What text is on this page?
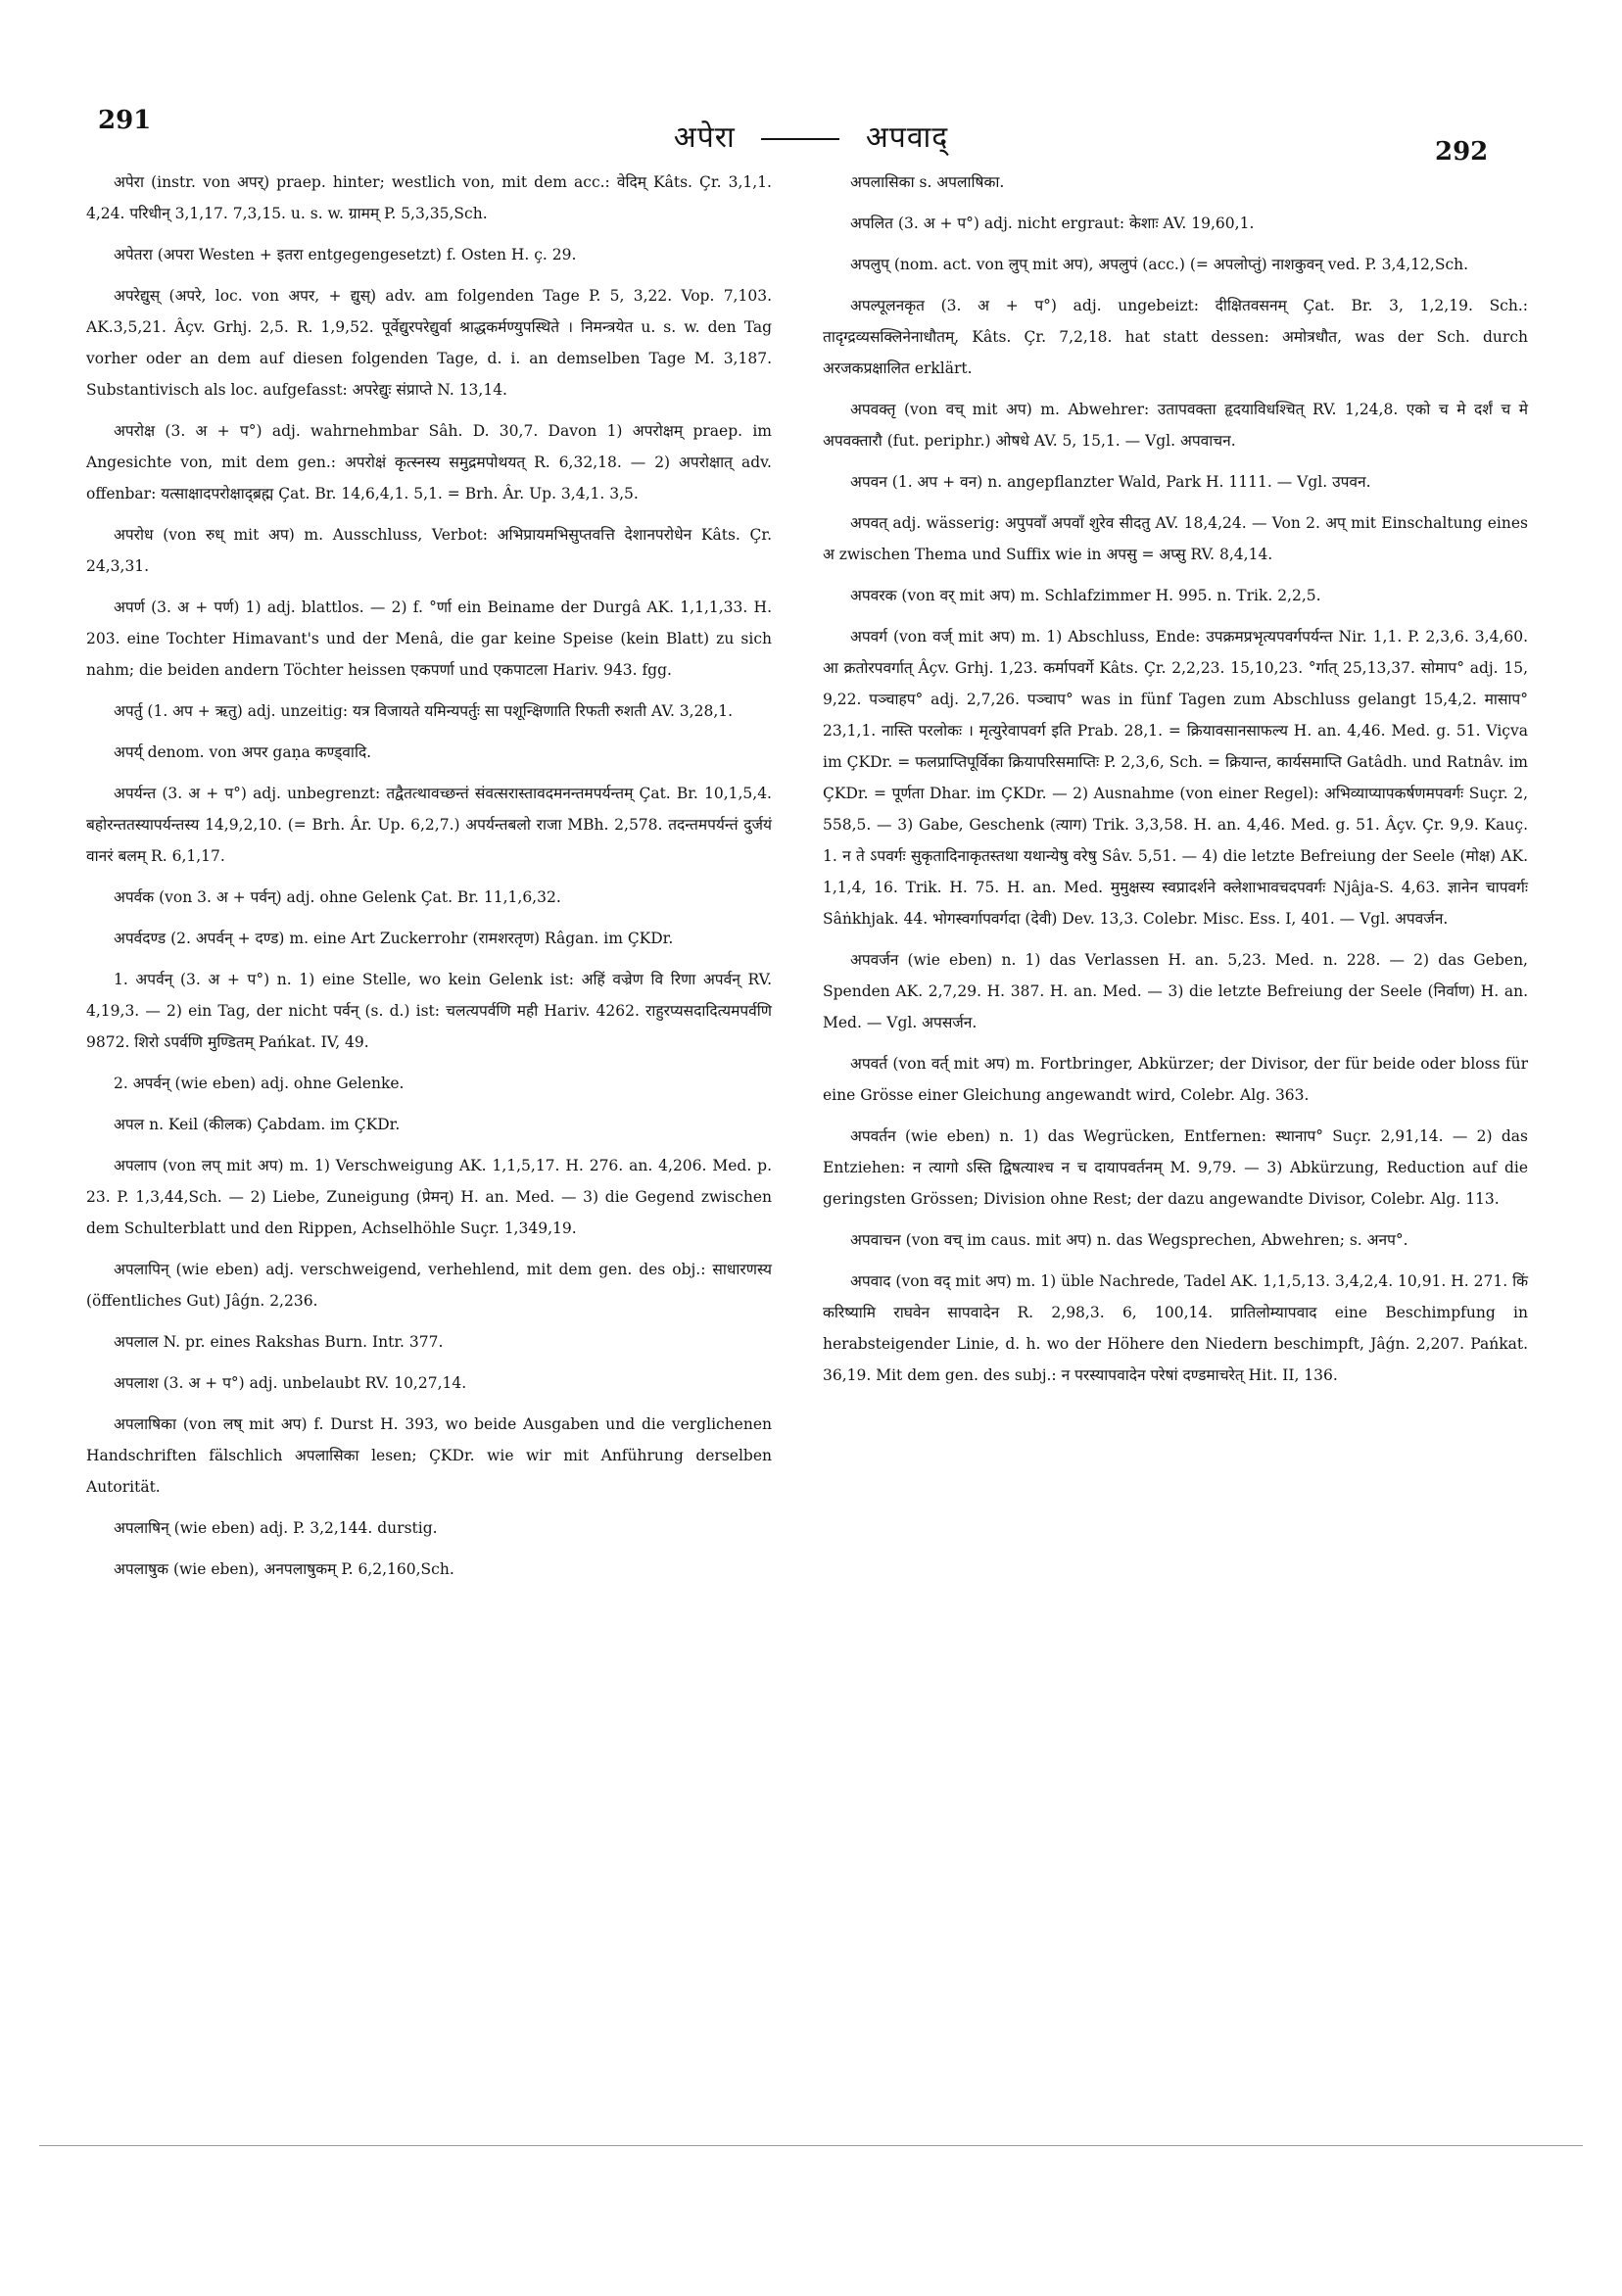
291	अपेरा	अपवाद्	292

अपेरा (instr. von अपर्) praep. hinter; westlich von, mit dem acc.: वेदिम् Kâts. Çr. 3,1,1. 4,24. परिधीन् 3,1,17. 7,3,15. u. s. w. ग्रामम् P. 5,3,35,Sch.

अपेतरा (अपरा Westen + इतरा entgegengesetzt) f. Osten H. ç. 29.

अपरेद्युस् (अपरे, loc. von अपर, + द्युस्) adv. am folgenden Tage P. 5, 3,22. Vop. 7,103. AK.3,5,21. Âçv. Grhj. 2,5. R. 1,9,52. पूर्वेद्युरपरेद्युर्वा श्राद्धकर्मण्युपस्थिते । निमन्त्रयेत u. s. w. den Tag vorher oder an dem auf diesen folgenden Tage, d. i. an demselben Tage M. 3,187. Substantivisch als loc. aufgefasst: अपरेद्युः संप्राप्ते N. 13,14.

अपरोक्ष (3. अ + प°) adj. wahrnehmbar Sâh. D. 30,7. Davon 1) अपरोक्षम् praep. im Angesichte von, mit dem gen.: अपरोक्षं कृत्स्नस्य समुद्रमपोथयत् R. 6,32,18. — 2) अपरोक्षात् adv. offenbar: यत्साक्षादपरोक्षाद्ब्रह्म Çat. Br. 14,6,4,1. 5,1. = Brh. Âr. Up. 3,4,1. 3,5.

अपरोध (von रुध् mit अप) m. Ausschluss, Verbot: अभिप्रायमभिसुप्तवत्ति देशानपरोधेन Kâts. Çr. 24,3,31.

अपर्ण (3. अ + पर्ण) 1) adj. blattlos. — 2) f. °र्णा ein Beiname der Durgâ AK. 1,1,1,33. H. 203. eine Tochter Himavant's und der Menâ, die gar keine Speise (kein Blatt) zu sich nahm; die beiden andern Töchter heissen एकपर्णा und एकपाटला Hariv. 943. fgg.

अपर्तु (1. अप + ऋतु) adj. unzeitig: यत्र विजायते यमिन्यपर्तुः सा पशून्क्षिणाति रिफती रुशती AV. 3,28,1.

अपर्य् denom. von अपर gaṇa कण्ड्वादि.

अपर्यन्त (3. अ + प°) adj. unbegrenzt: तद्वैतत्थावच्छन्तं संवत्सरास्तावदमनन्तमपर्यन्तम् Çat. Br. 10,1,5,4. बहोरन्ततस्यापर्यन्तस्य 14,9,2,10. (= Brh. Âr. Up. 6,2,7.) अपर्यन्तबलो राजा MBh. 2,578. तदन्तमपर्यन्तं दुर्जयं वानरं बलम् R. 6,1,17.

अपर्वक (von 3. अ + पर्वन्) adj. ohne Gelenk Çat. Br. 11,1,6,32.

अपर्वदण्ड (2. अपर्वन् + दण्ड) m. eine Art Zuckerrohr (रामशरतृण) Râgan. im ÇKDr.

1. अपर्वन् (3. अ + प°) n. 1) eine Stelle, wo kein Gelenk ist: अहिं वज्रेण वि रिणा अपर्वन् RV. 4,19,3. — 2) ein Tag, der nicht पर्वन् (s. d.) ist: चलत्यपर्वणि मही Hariv. 4262. राहुरप्यसदादित्यमपर्वणि 9872. शिरो ऽपर्वणि मुण्डितम् Pańkat. IV, 49.

2. अपर्वन् (wie eben) adj. ohne Gelenke.

अपल n. Keil (कीलक) Çabdam. im ÇKDr.

अपलाप (von लप् mit अप) m. 1) Verschweigung AK. 1,1,5,17. H. 276. an. 4,206. Med. p. 23. P. 1,3,44,Sch. — 2) Liebe, Zuneigung (प्रेमन्) H. an. Med. — 3) die Gegend zwischen dem Schulterblatt und den Rippen, Achselhöhle Suçr. 1,349,19.

अपलापिन् (wie eben) adj. verschweigend, verhehlend, mit dem gen. des obj.: साधारणस्य (öffentliches Gut) Jâǵn. 2,236.

अपलाल N. pr. eines Rakshas Burn. Intr. 377.

अपलाश (3. अ + प°) adj. unbelaubt RV. 10,27,14.

अपलाषिका (von लष् mit अप) f. Durst H. 393, wo beide Ausgaben und die verglichenen Handschriften fälschlich अपलासिका lesen; ÇKDr. wie wir mit Anführung derselben Autorität.

अपलाषिन् (wie eben) adj. P. 3,2,144. durstig.

अपलाषुक (wie eben), अनपलाषुकम् P. 6,2,160,Sch.

अपलासिका s. अपलाषिका.

अपलित (3. अ + प°) adj. nicht ergraut: केशाः AV. 19,60,1.

अपलुप् (nom. act. von लुप् mit अप), अपलुपं (acc.) (= अपलोप्तुं) नाशकुवन् ved. P. 3,4,12,Sch.

अपल्पूलनकृत (3. अ + प°) adj. ungebeizt: दीक्षितवसनम् Çat. Br. 3, 1,2,19. Sch.: तादृग्द्रव्यसक्लिनेनाधौतम्, Kâts. Çr. 7,2,18. hat statt dessen: अमोत्रधौत, was der Sch. durch अरजकप्रक्षालित erklärt.

अपवक्तृ (von वच् mit अप) m. Abwehrer: उतापवक्ता हृदयाविधश्चित् RV. 1,24,8. एको च मे दर्शं च मे अपवक्तारौ (fut. periphr.) ओषधे AV. 5, 15,1. — Vgl. अपवाचन.

अपवन (1. अप + वन) n. angepflanzter Wald, Park H. 1111. — Vgl. उपवन.

अपवत् adj. wässerig: अपुपवाँ अपवाँ शुरेव सीदतु AV. 18,4,24. — Von 2. अप् mit Einschaltung eines अ zwischen Thema und Suffix wie in अपसु = अप्सु RV. 8,4,14.

अपवरक (von वर् mit अप) m. Schlafzimmer H. 995. n. Trik. 2,2,5.

अपवर्ग (von वर्ज् mit अप) m. 1) Abschluss, Ende: उपक्रमप्रभृत्यपवर्गपर्यन्त Nir. 1,1. P. 2,3,6. 3,4,60. आ क्रतोरपवर्गात् Âçv. Grhj. 1,23. कर्मापवर्गे Kâts. Çr. 2,2,23. 15,10,23. °र्गात् 25,13,37. सोमाप° adj. 15, 9,22. पञ्चाहप° adj. 2,7,26. पञ्चाप° was in fünf Tagen zum Abschluss gelangt 15,4,2. मासाप° 23,1,1. नास्ति परलोकः । मृत्युरेवापवर्ग इति Prab. 28,1. = क्रियावसानसाफल्य H. an. 4,46. Med. g. 51. Viçva im ÇKDr. = फलप्राप्तिपूर्विका क्रियापरिसमाप्तिः P. 2,3,6, Sch. = क्रियान्त, कार्यसमाप्ति Gatâdh. und Ratnâv. im ÇKDr. = पूर्णता Dhar. im ÇKDr. — 2) Ausnahme (von einer Regel): अभिव्याप्यापकर्षणमपवर्गः Suçr. 2, 558,5. — 3) Gabe, Geschenk (त्याग) Trik. 3,3,58. H. an. 4,46. Med. g. 51. Âçv. Çr. 9,9. Kauç. 1. न ते ऽपवर्गः सुकृतादिनाकृतस्तथा यथान्येषु वरेषु Sâv. 5,51. — 4) die letzte Befreiung der Seele (मोक्ष) AK. 1,1,4, 16. Trik. H. 75. H. an. Med. मुमुक्षस्य स्वप्रादर्शने क्लेशाभावचदपवर्गः Njâja-S. 4,63. ज्ञानेन चापवर्गः Sâṅkhjak. 44. भोगस्वर्गापवर्गदा (देवी) Dev. 13,3. Colebr. Misc. Ess. I, 401. — Vgl. अपवर्जन.

अपवर्जन (wie eben) n. 1) das Verlassen H. an. 5,23. Med. n. 228. — 2) das Geben, Spenden AK. 2,7,29. H. 387. H. an. Med. — 3) die letzte Befreiung der Seele (निर्वाण) H. an. Med. — Vgl. अपसर्जन.

अपवर्त (von वर्त् mit अप) m. Fortbringer, Abkürzer; der Divisor, der für beide oder bloss für eine Grösse einer Gleichung angewandt wird, Colebr. Alg. 363.

अपवर्तन (wie eben) n. 1) das Wegrücken, Entfernen: स्थानाप° Suçr. 2,91,14. — 2) das Entziehen: न त्यागो ऽस्ति द्विषत्याश्च न च दायापवर्तनम् M. 9,79. — 3) Abkürzung, Reduction auf die geringsten Grössen; Division ohne Rest; der dazu angewandte Divisor, Colebr. Alg. 113.

अपवाचन (von वच् im caus. mit अप) n. das Wegsprechen, Abwehren; s. अनप°.

अपवाद (von वद् mit अप) m. 1) üble Nachrede, Tadel AK. 1,1,5,13. 3,4,2,4. 10,91. H. 271. किं करिष्यामि राघवेन सापवादेन R. 2,98,3. 6, 100,14. प्रातिलोम्यापवाद eine Beschimpfung in herabsteigender Linie, d. h. wo der Höhere den Niedern beschimpft, Jâǵn. 2,207. Pańkat. 36,19. Mit dem gen. des subj.: न परस्यापवादेन परेषां दण्डमाचरेत् Hit. II, 136.
